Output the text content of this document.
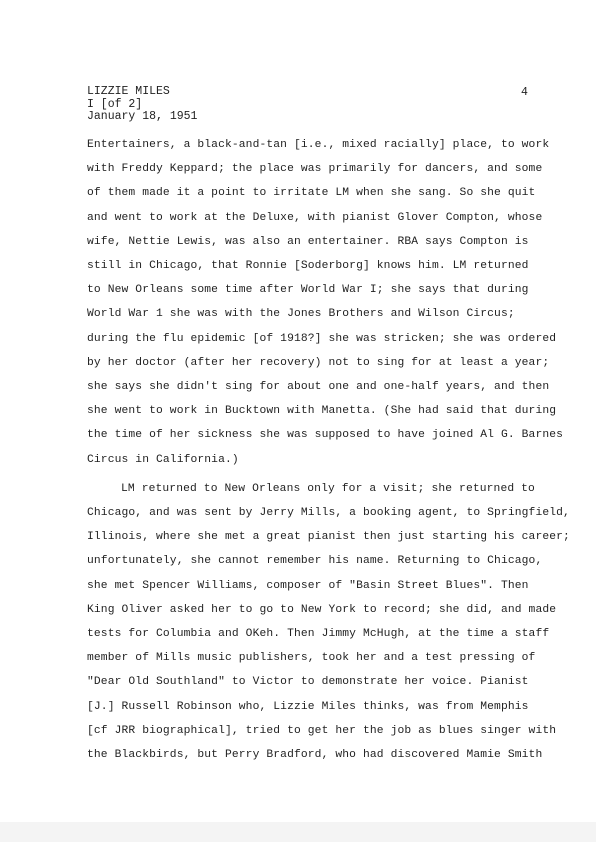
LIZZIE MILES
I [of 2]
January 18, 1951
4
Entertainers, a black-and-tan [i.e., mixed racially] place, to work
with Freddy Keppard; the place was primarily for dancers, and some
of them made it a point to irritate LM when she sang. So she quit
and went to work at the Deluxe, with pianist Glover Compton, whose
wife, Nettie Lewis, was also an entertainer. RBA says Compton is
still in Chicago, that Ronnie [Soderborg] knows him. LM returned
to New Orleans some time after World War I; she says that during
World War 1 she was with the Jones Brothers and Wilson Circus;
during the flu epidemic [of 1918?] she was stricken; she was ordered
by her doctor (after her recovery) not to sing for at least a year;
she says she didn't sing for about one and one-half years, and then
she went to work in Bucktown with Manetta. (She had said that during
the time of her sickness she was supposed to have joined Al G. Barnes
Circus in California.)
LM returned to New Orleans only for a visit; she returned to
Chicago, and was sent by Jerry Mills, a booking agent, to Springfield,
Illinois, where she met a great pianist then just starting his career;
unfortunately, she cannot remember his name. Returning to Chicago,
she met Spencer Williams, composer of "Basin Street Blues". Then
King Oliver asked her to go to New York to record; she did, and made
tests for Columbia and OKeh. Then Jimmy McHugh, at the time a staff
member of Mills music publishers, took her and a test pressing of
"Dear Old Southland" to Victor to demonstrate her voice. Pianist
[J.] Russell Robinson who, Lizzie Miles thinks, was from Memphis
[cf JRR biographical], tried to get her the job as blues singer with
the Blackbirds, but Perry Bradford, who had discovered Mamie Smith
